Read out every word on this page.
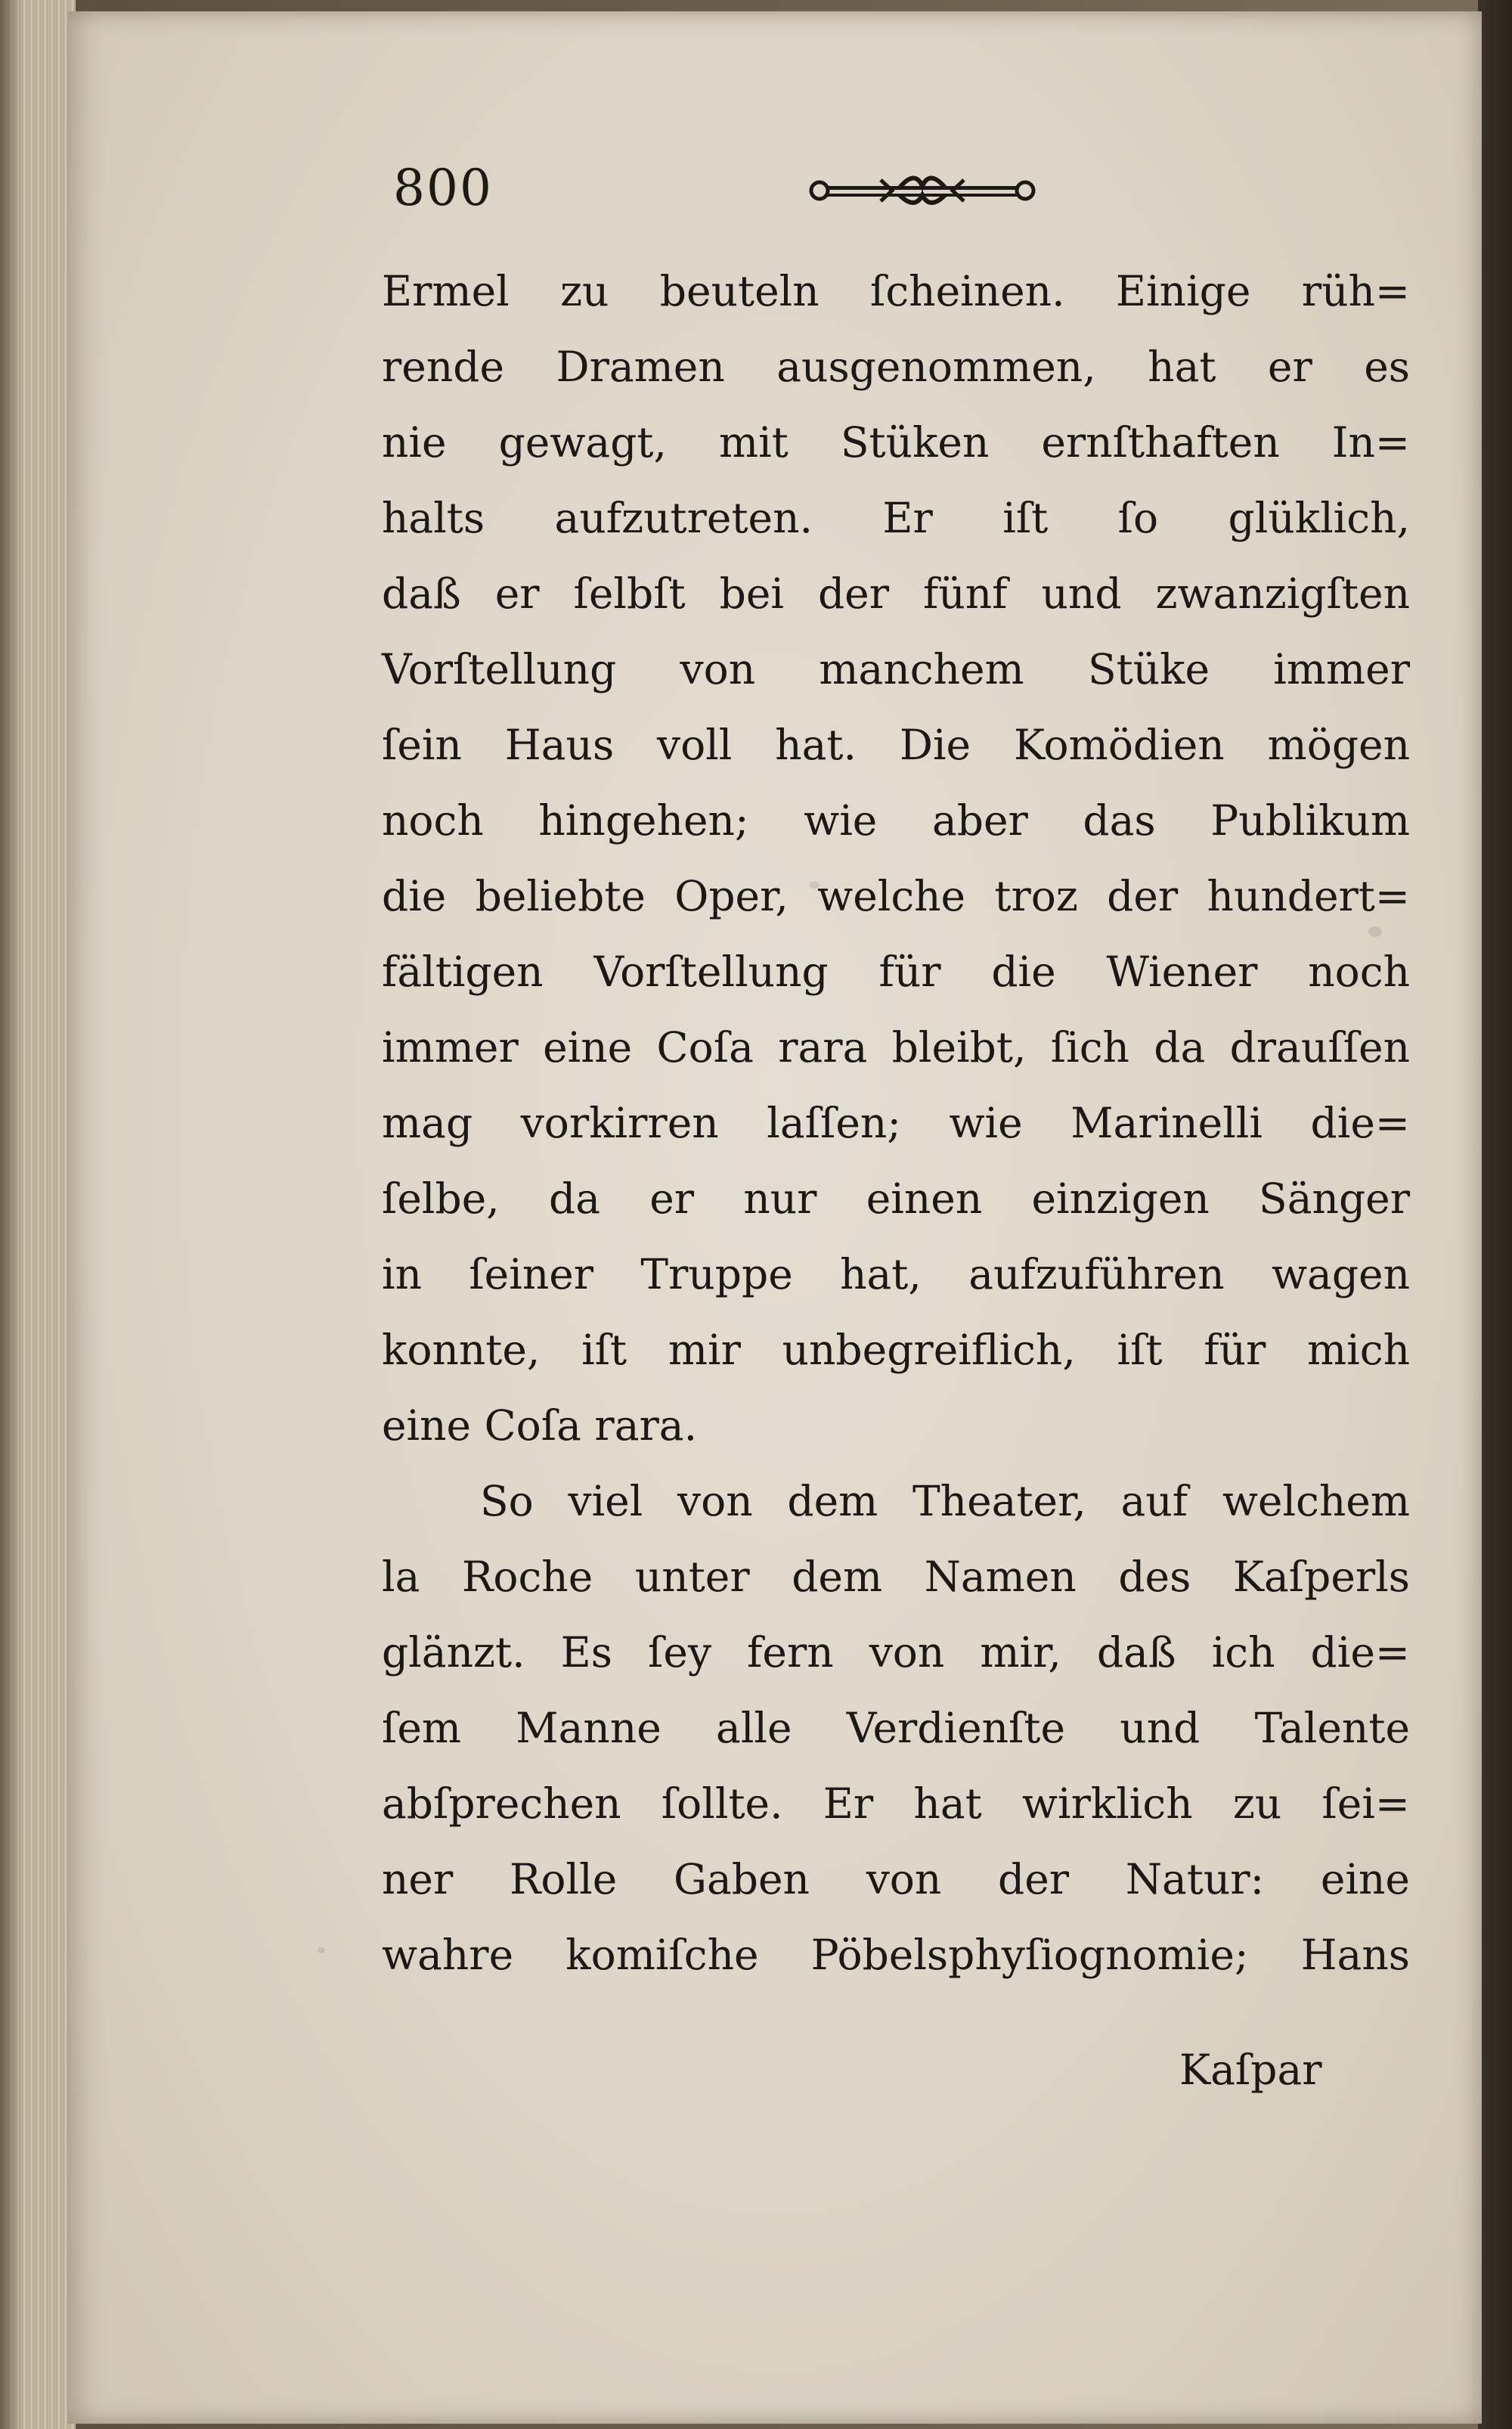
800
Ermel zu beuteln ſcheinen. Einige rüh=
rende Dramen ausgenommen, hat er es
nie gewagt, mit Stüken ernſthaften In=
halts aufzutreten. Er iſt ſo glüklich,
daß er ſelbſt bei der fünf und zwanzigſten
Vorſtellung von manchem Stüke immer
ſein Haus voll hat. Die Komödien mögen
noch hingehen; wie aber das Publikum
die beliebte Oper, welche troz der hundert=
fältigen Vorſtellung für die Wiener noch
immer eine Coſa rara bleibt, ſich da drauſſen
mag vorkirren laſſen; wie Marinelli die=
ſelbe, da er nur einen einzigen Sänger
in ſeiner Truppe hat, aufzuführen wagen
konnte, iſt mir unbegreiflich, iſt für mich
eine Coſa rara.
So viel von dem Theater, auf welchem
la Roche unter dem Namen des Kaſperls
glänzt. Es ſey fern von mir, daß ich die=
ſem Manne alle Verdienſte und Talente
abſprechen ſollte. Er hat wirklich zu ſei=
ner Rolle Gaben von der Natur: eine
wahre komiſche Pöbelsphyſiognomie; Hans
Kaſpar
